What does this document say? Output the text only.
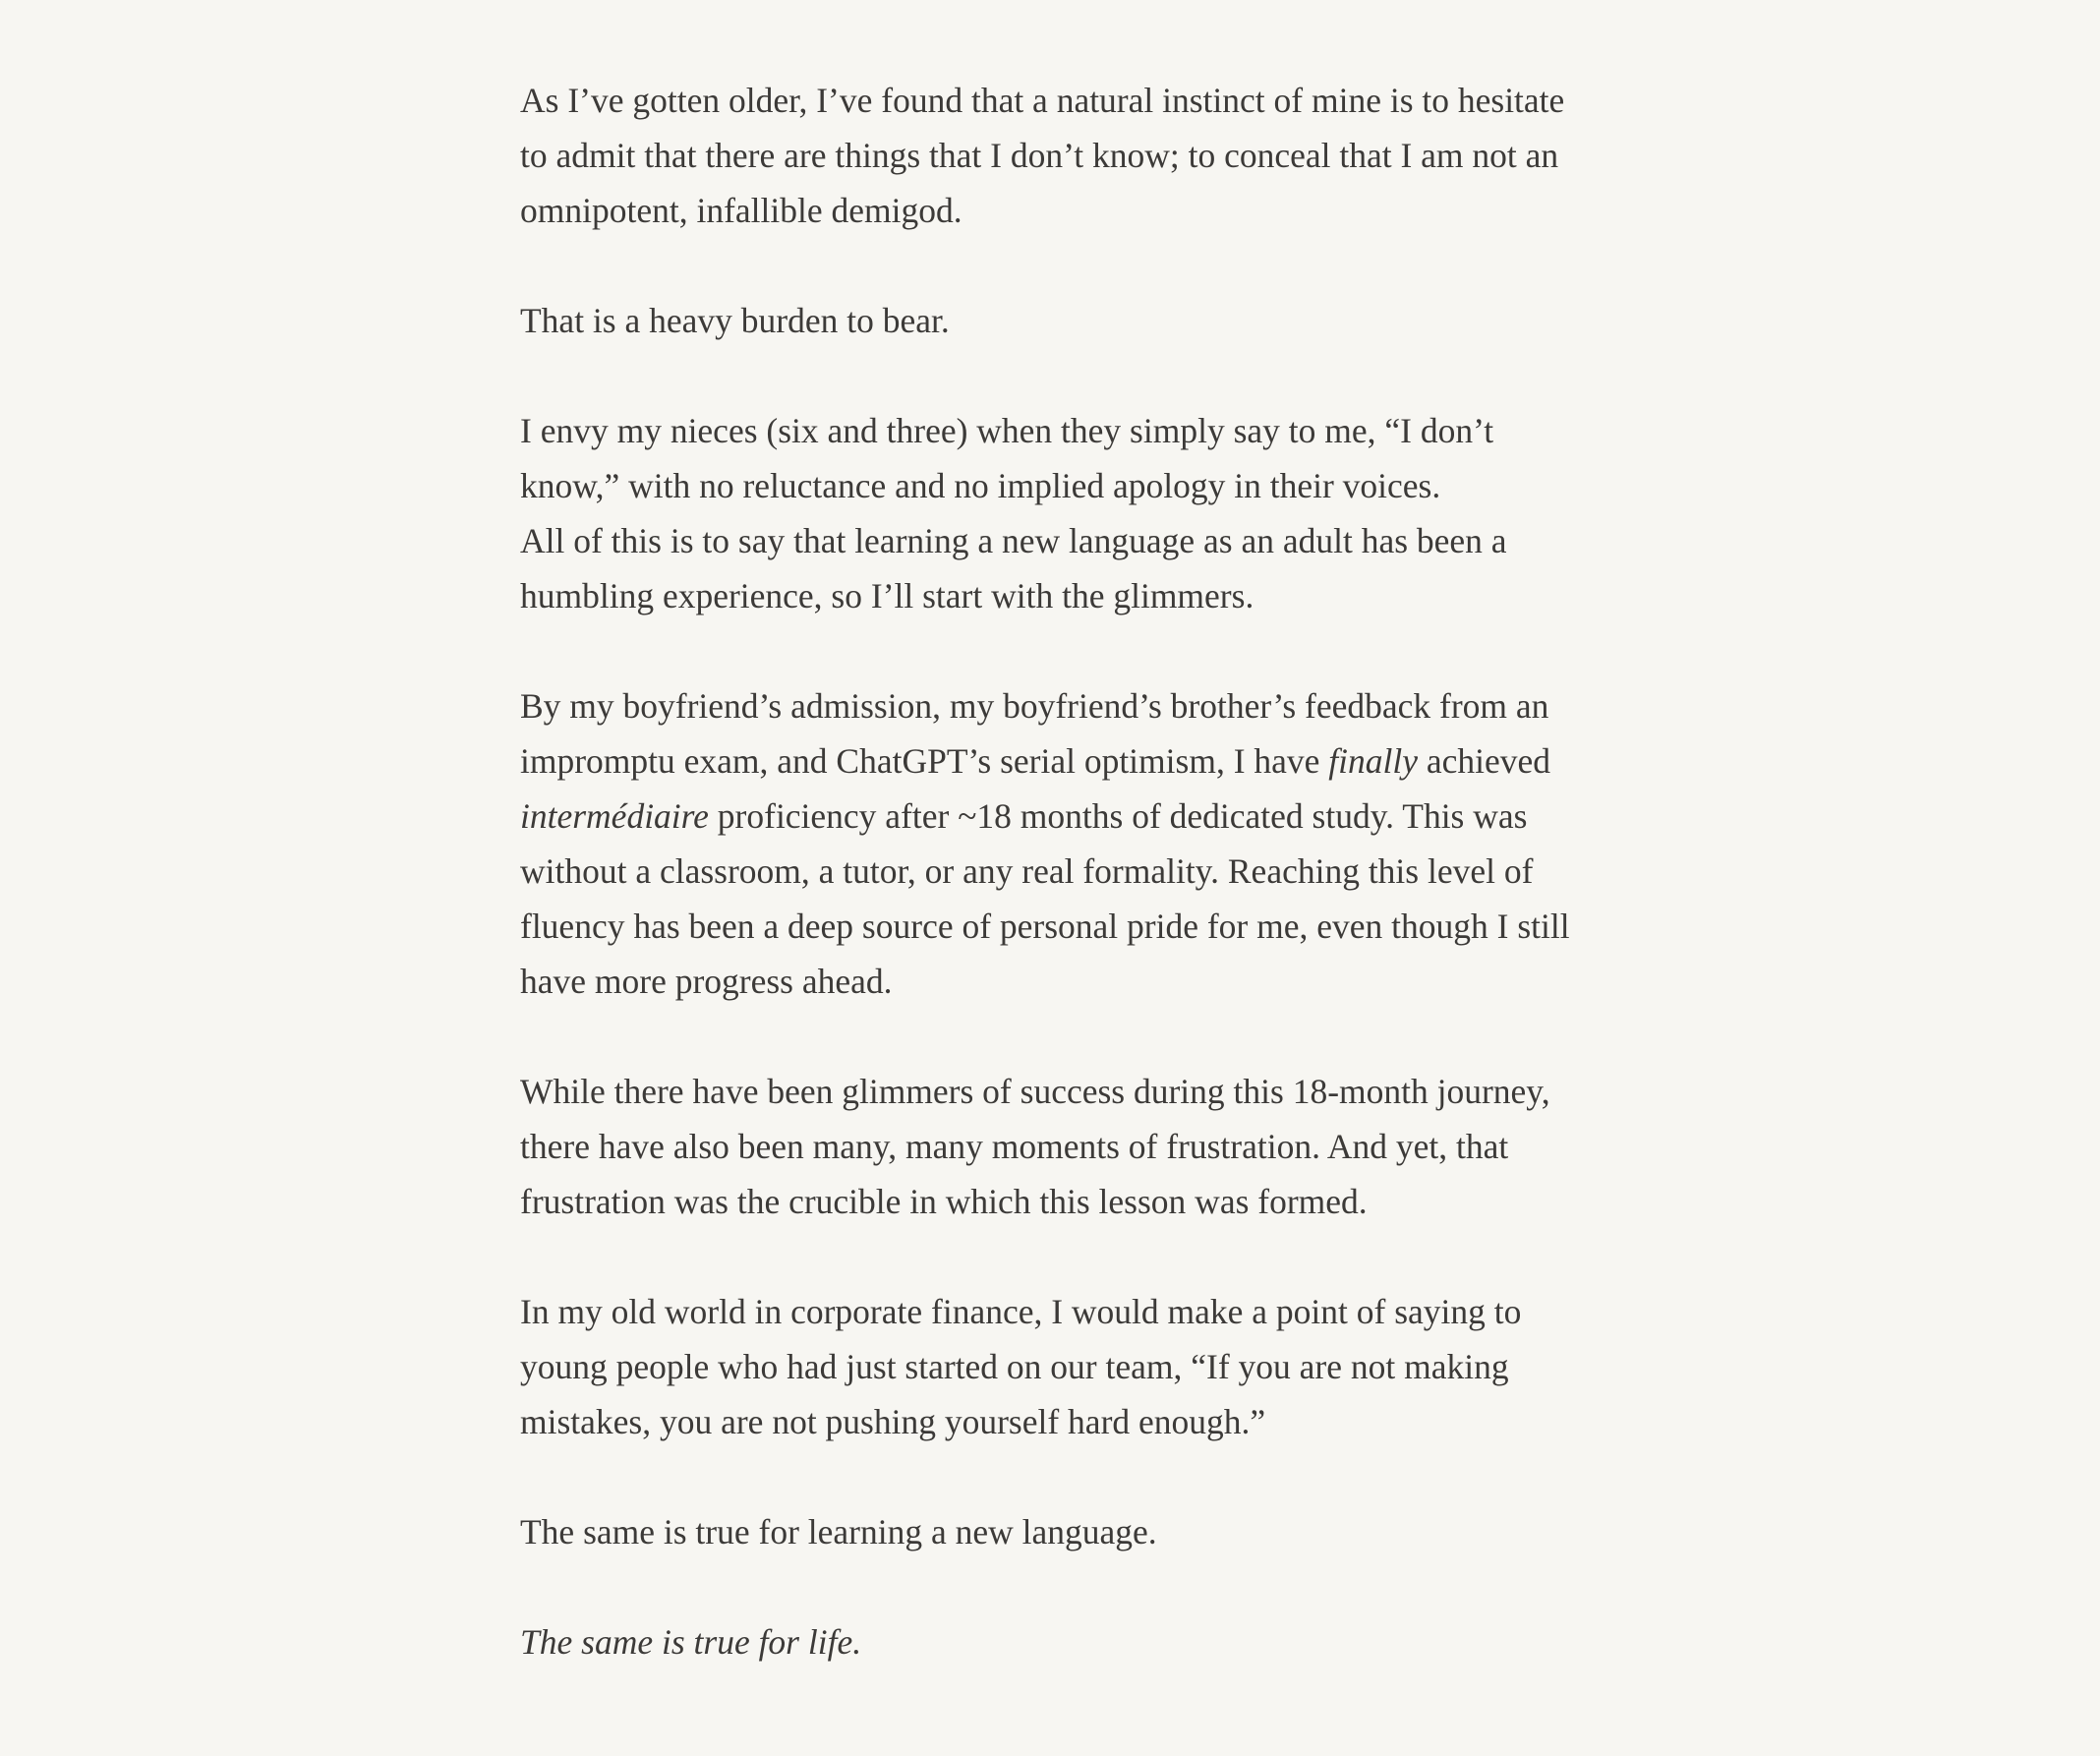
As I’ve gotten older, I’ve found that a natural instinct of mine is to hesitate to admit that there are things that I don’t know; to conceal that I am not an omnipotent, infallible demigod.

That is a heavy burden to bear.

I envy my nieces (six and three) when they simply say to me, “I don’t know,” with no reluctance and no implied apology in their voices.

All of this is to say that learning a new language as an adult has been a humbling experience, so I’ll start with the glimmers.

By my boyfriend’s admission, my boyfriend’s brother’s feedback from an impromptu exam, and ChatGPT’s serial optimism, I have finally achieved intermédiaire proficiency after ~18 months of dedicated study. This was without a classroom, a tutor, or any real formality. Reaching this level of fluency has been a deep source of personal pride for me, even though I still have more progress ahead.

While there have been glimmers of success during this 18-month journey, there have also been many, many moments of frustration. And yet, that frustration was the crucible in which this lesson was formed.

In my old world in corporate finance, I would make a point of saying to young people who had just started on our team, “If you are not making mistakes, you are not pushing yourself hard enough.”

The same is true for learning a new language.

The same is true for life.
